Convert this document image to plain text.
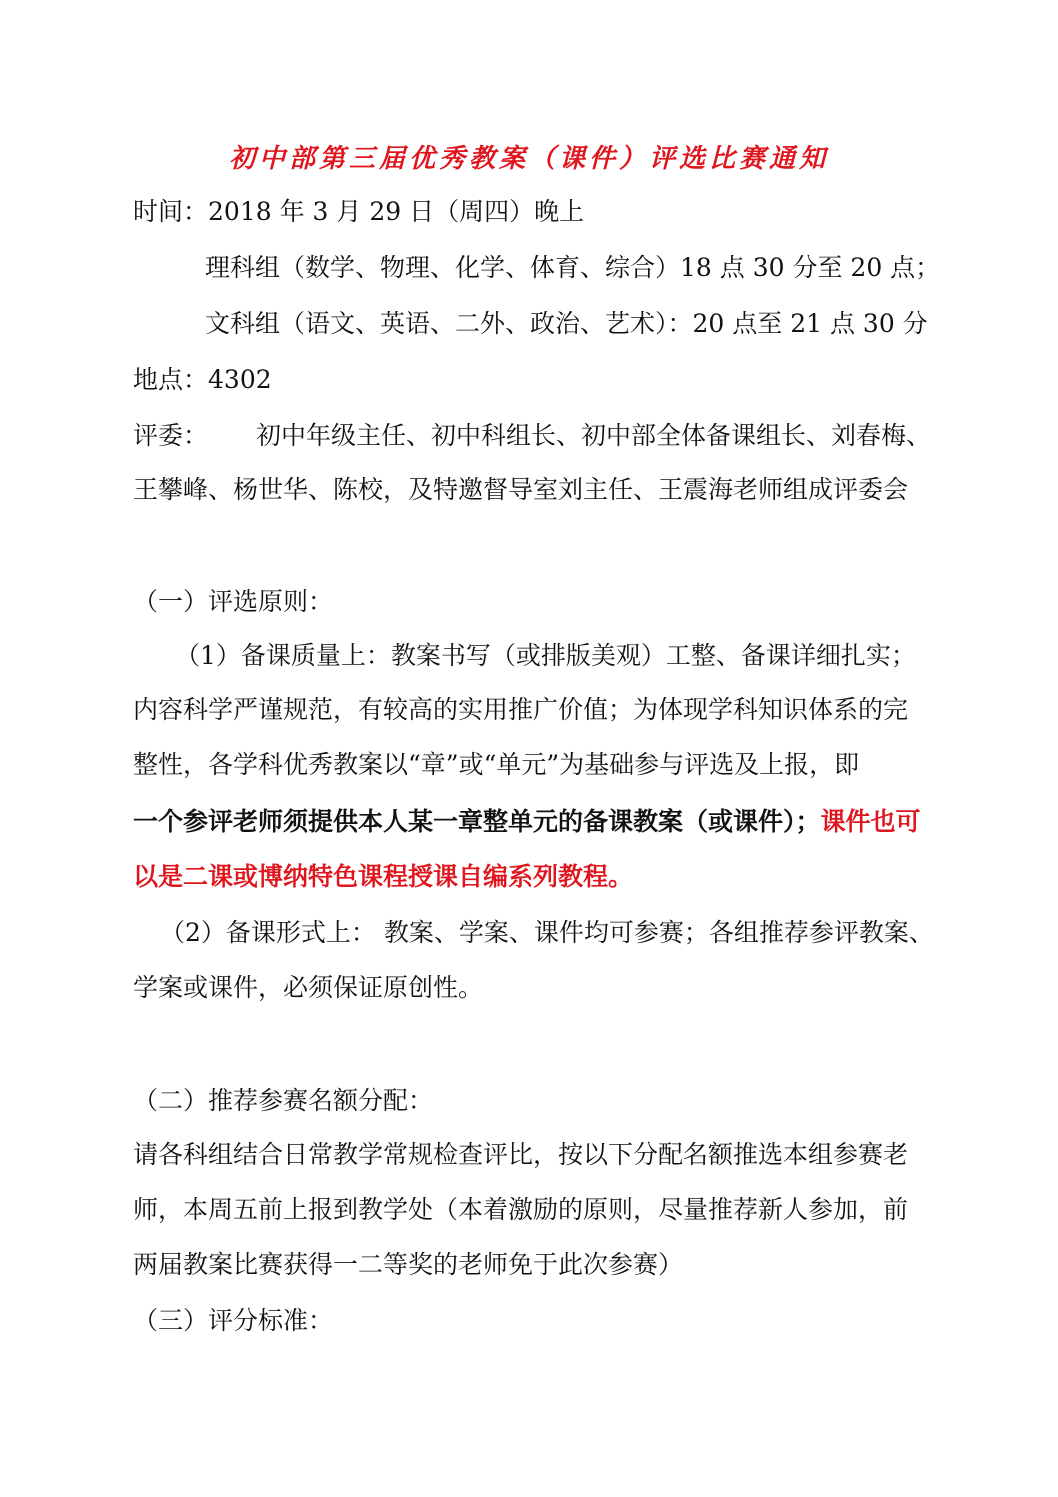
初中部第三届优秀教案（课件）评选比赛通知
时间：2018 年 3 月 29 日（周四）晚上
理科组（数学、物理、化学、体育、综合）18 点 30 分至 20 点；
文科组（语文、英语、二外、政治、艺术）：20 点至 21 点 30 分
地点：4302
评委： 初中年级主任、初中科组长、初中部全体备课组长、刘春梅、
王攀峰、杨世华、陈校，及特邀督导室刘主任、王震海老师组成评委会
（一）评选原则：
（1）备课质量上：教案书写（或排版美观）工整、备课详细扎实；
内容科学严谨规范，有较高的实用推广价值；为体现学科知识体系的完
整性，各学科优秀教案以“章”或“单元”为基础参与评选及上报，即
一个参评老师须提供本人某一章整单元的备课教案（或课件）；课件也可
以是二课或博纳特色课程授课自编系列教程。
（2）备课形式上： 教案、学案、课件均可参赛；各组推荐参评教案、
学案或课件，必须保证原创性。
（二）推荐参赛名额分配：
请各科组结合日常教学常规检查评比，按以下分配名额推选本组参赛老
师，本周五前上报到教学处（本着激励的原则，尽量推荐新人参加，前
两届教案比赛获得一二等奖的老师免于此次参赛）
（三）评分标准：
